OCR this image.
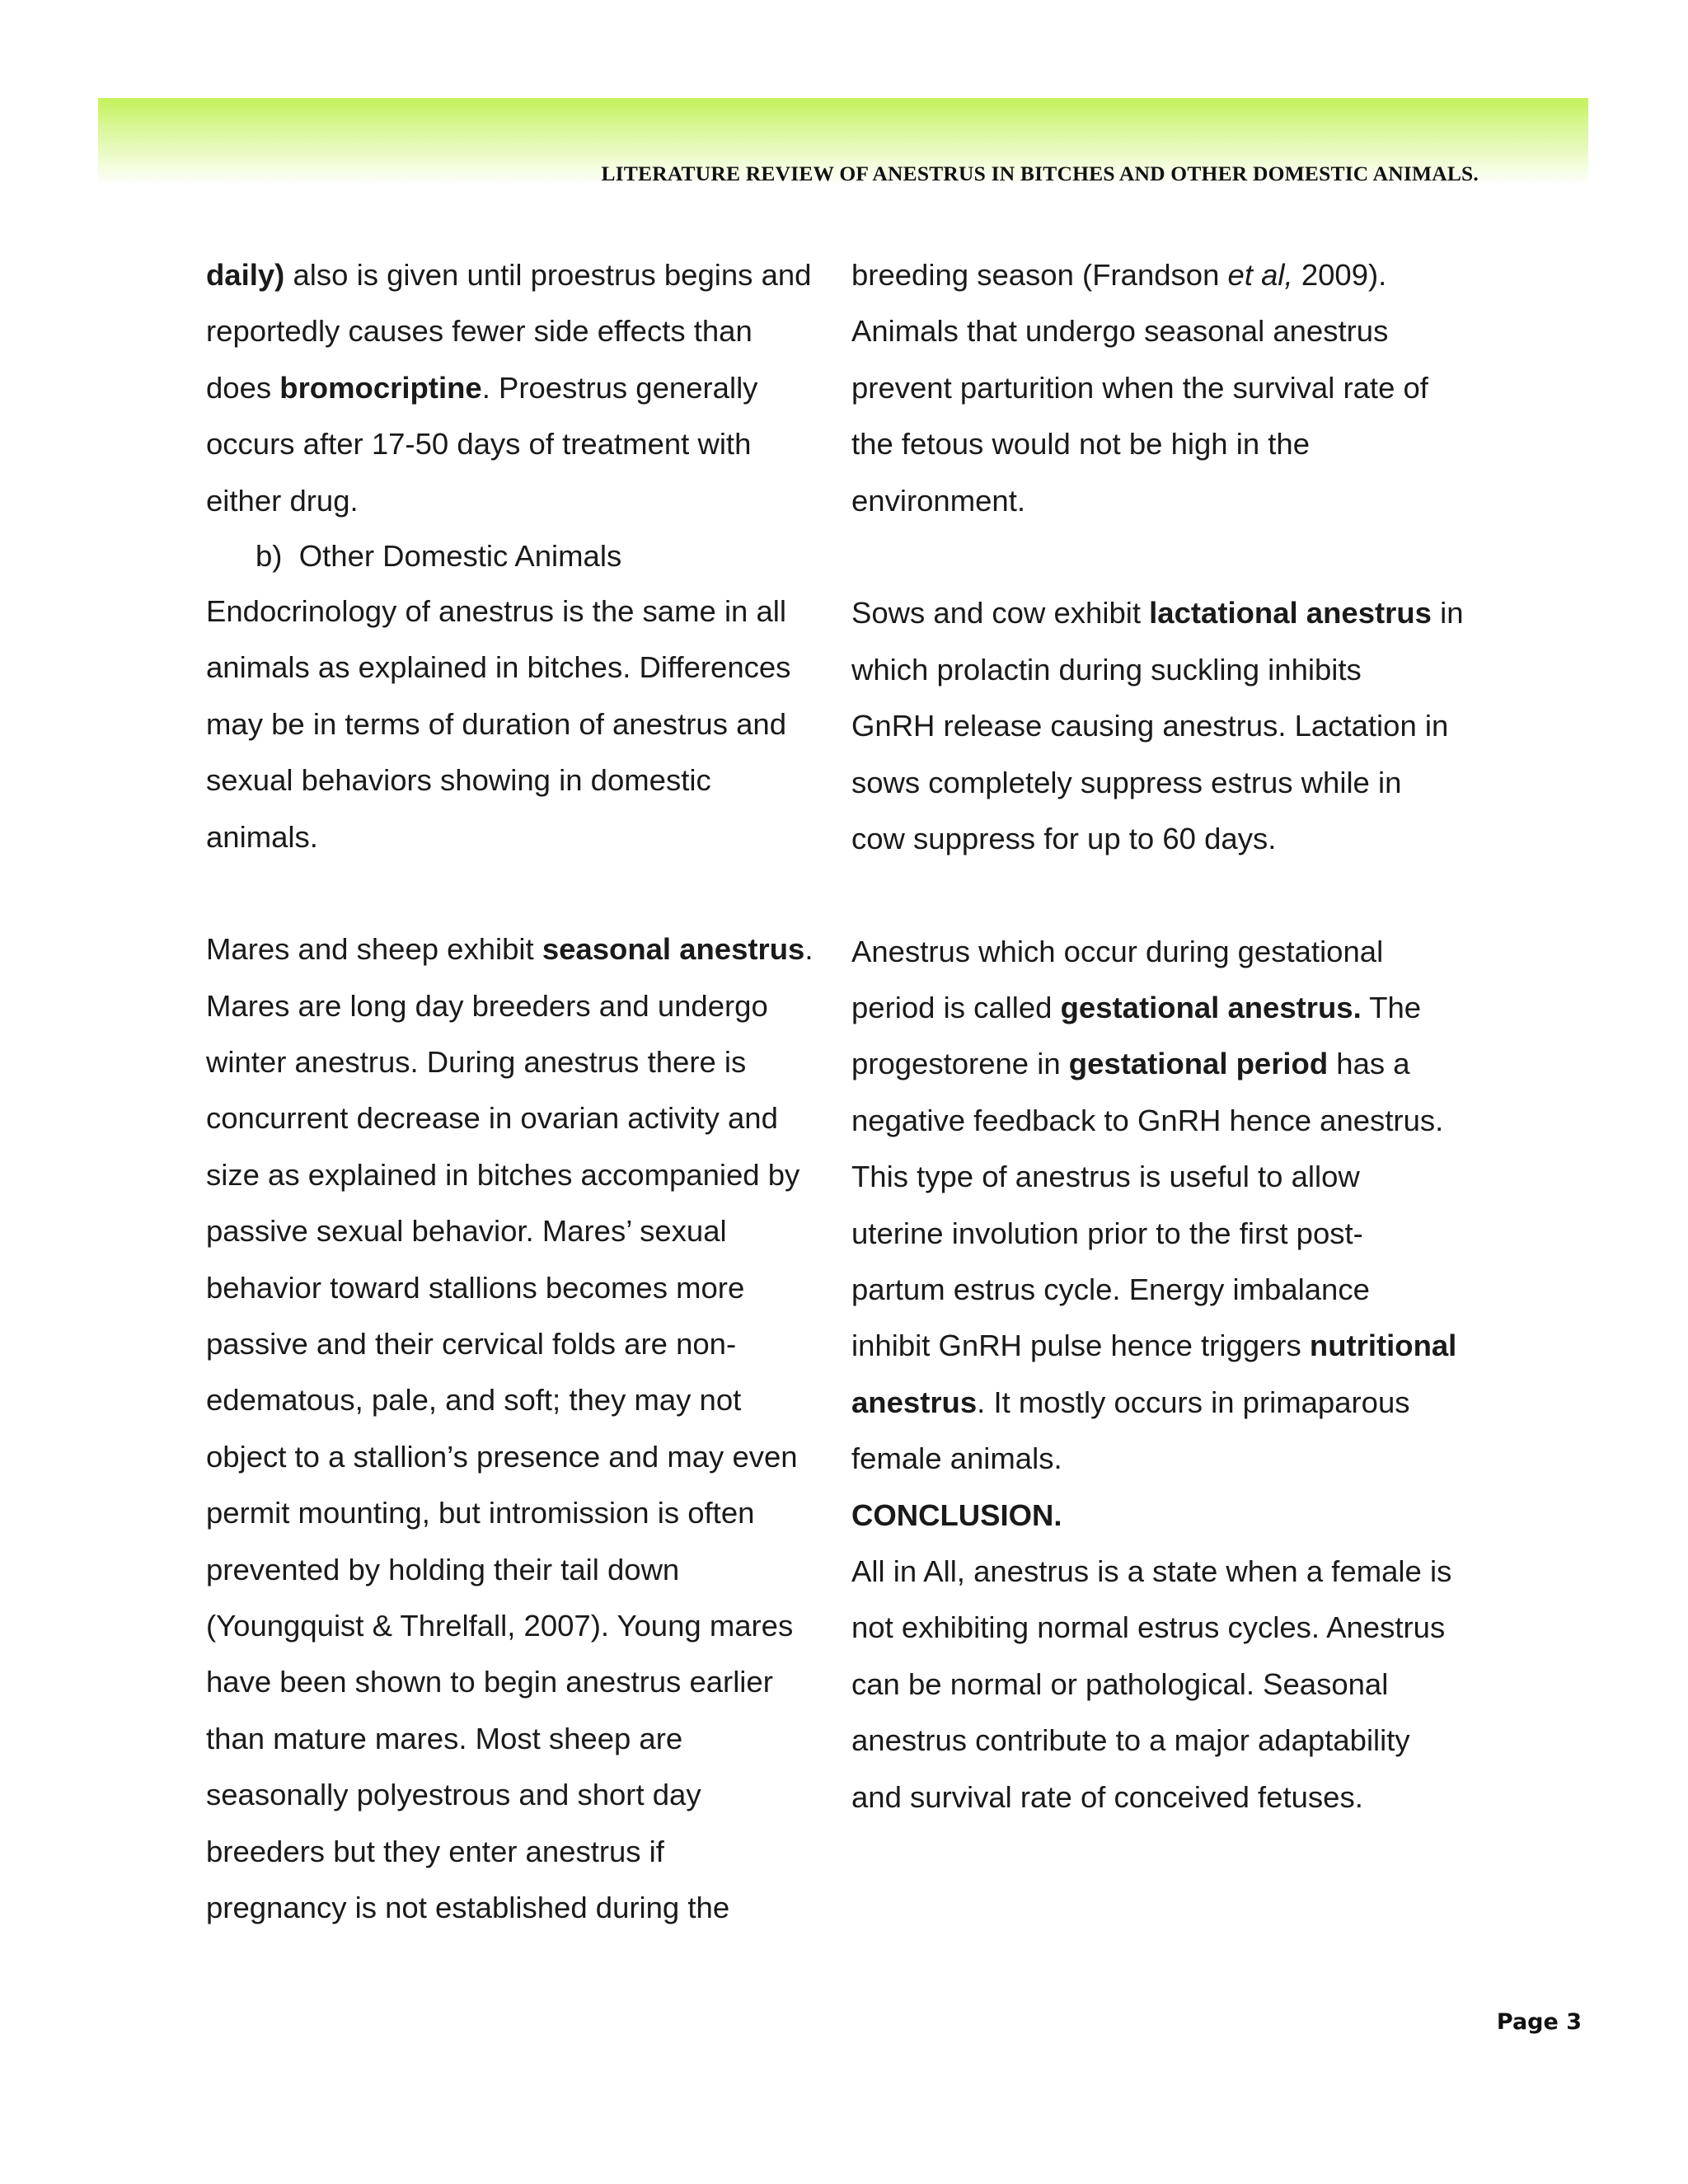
LITERATURE REVIEW OF ANESTRUS IN BITCHES AND OTHER DOMESTIC ANIMALS.
daily) also is given until proestrus begins and
reportedly causes fewer side effects than
does bromocriptine. Proestrus generally
occurs after 17-50 days of treatment with
either drug.
b)  Other Domestic Animals
Endocrinology of anestrus is the same in all
animals as explained in bitches. Differences
may be in terms of duration of anestrus and
sexual behaviors showing in domestic
animals.
Mares and sheep exhibit seasonal anestrus.
Mares are long day breeders and undergo
winter anestrus. During anestrus there is
concurrent decrease in ovarian activity and
size as explained in bitches accompanied by
passive sexual behavior. Mares’ sexual
behavior toward stallions becomes more
passive and their cervical folds are non-
edematous, pale, and soft; they may not
object to a stallion’s presence and may even
permit mounting, but intromission is often
prevented by holding their tail down
(Youngquist & Threlfall, 2007). Young mares
have been shown to begin anestrus earlier
than mature mares. Most sheep are
seasonally polyestrous and short day
breeders but they enter anestrus if
pregnancy is not established during the
breeding season (Frandson et al, 2009).
Animals that undergo seasonal anestrus
prevent parturition when the survival rate of
the fetous would not be high in the
environment.
Sows and cow exhibit lactational anestrus in
which prolactin during suckling inhibits
GnRH release causing anestrus. Lactation in
sows completely suppress estrus while in
cow suppress for up to 60 days.
Anestrus which occur during gestational
period is called gestational anestrus. The
progestorene in gestational period has a
negative feedback to GnRH hence anestrus.
This type of anestrus is useful to allow
uterine involution prior to the first post-
partum estrus cycle. Energy imbalance
inhibit GnRH pulse hence triggers nutritional
anestrus. It mostly occurs in primaparous
female animals.
CONCLUSION.
All in All, anestrus is a state when a female is
not exhibiting normal estrus cycles. Anestrus
can be normal or pathological. Seasonal
anestrus contribute to a major adaptability
and survival rate of conceived fetuses.
Page 3
